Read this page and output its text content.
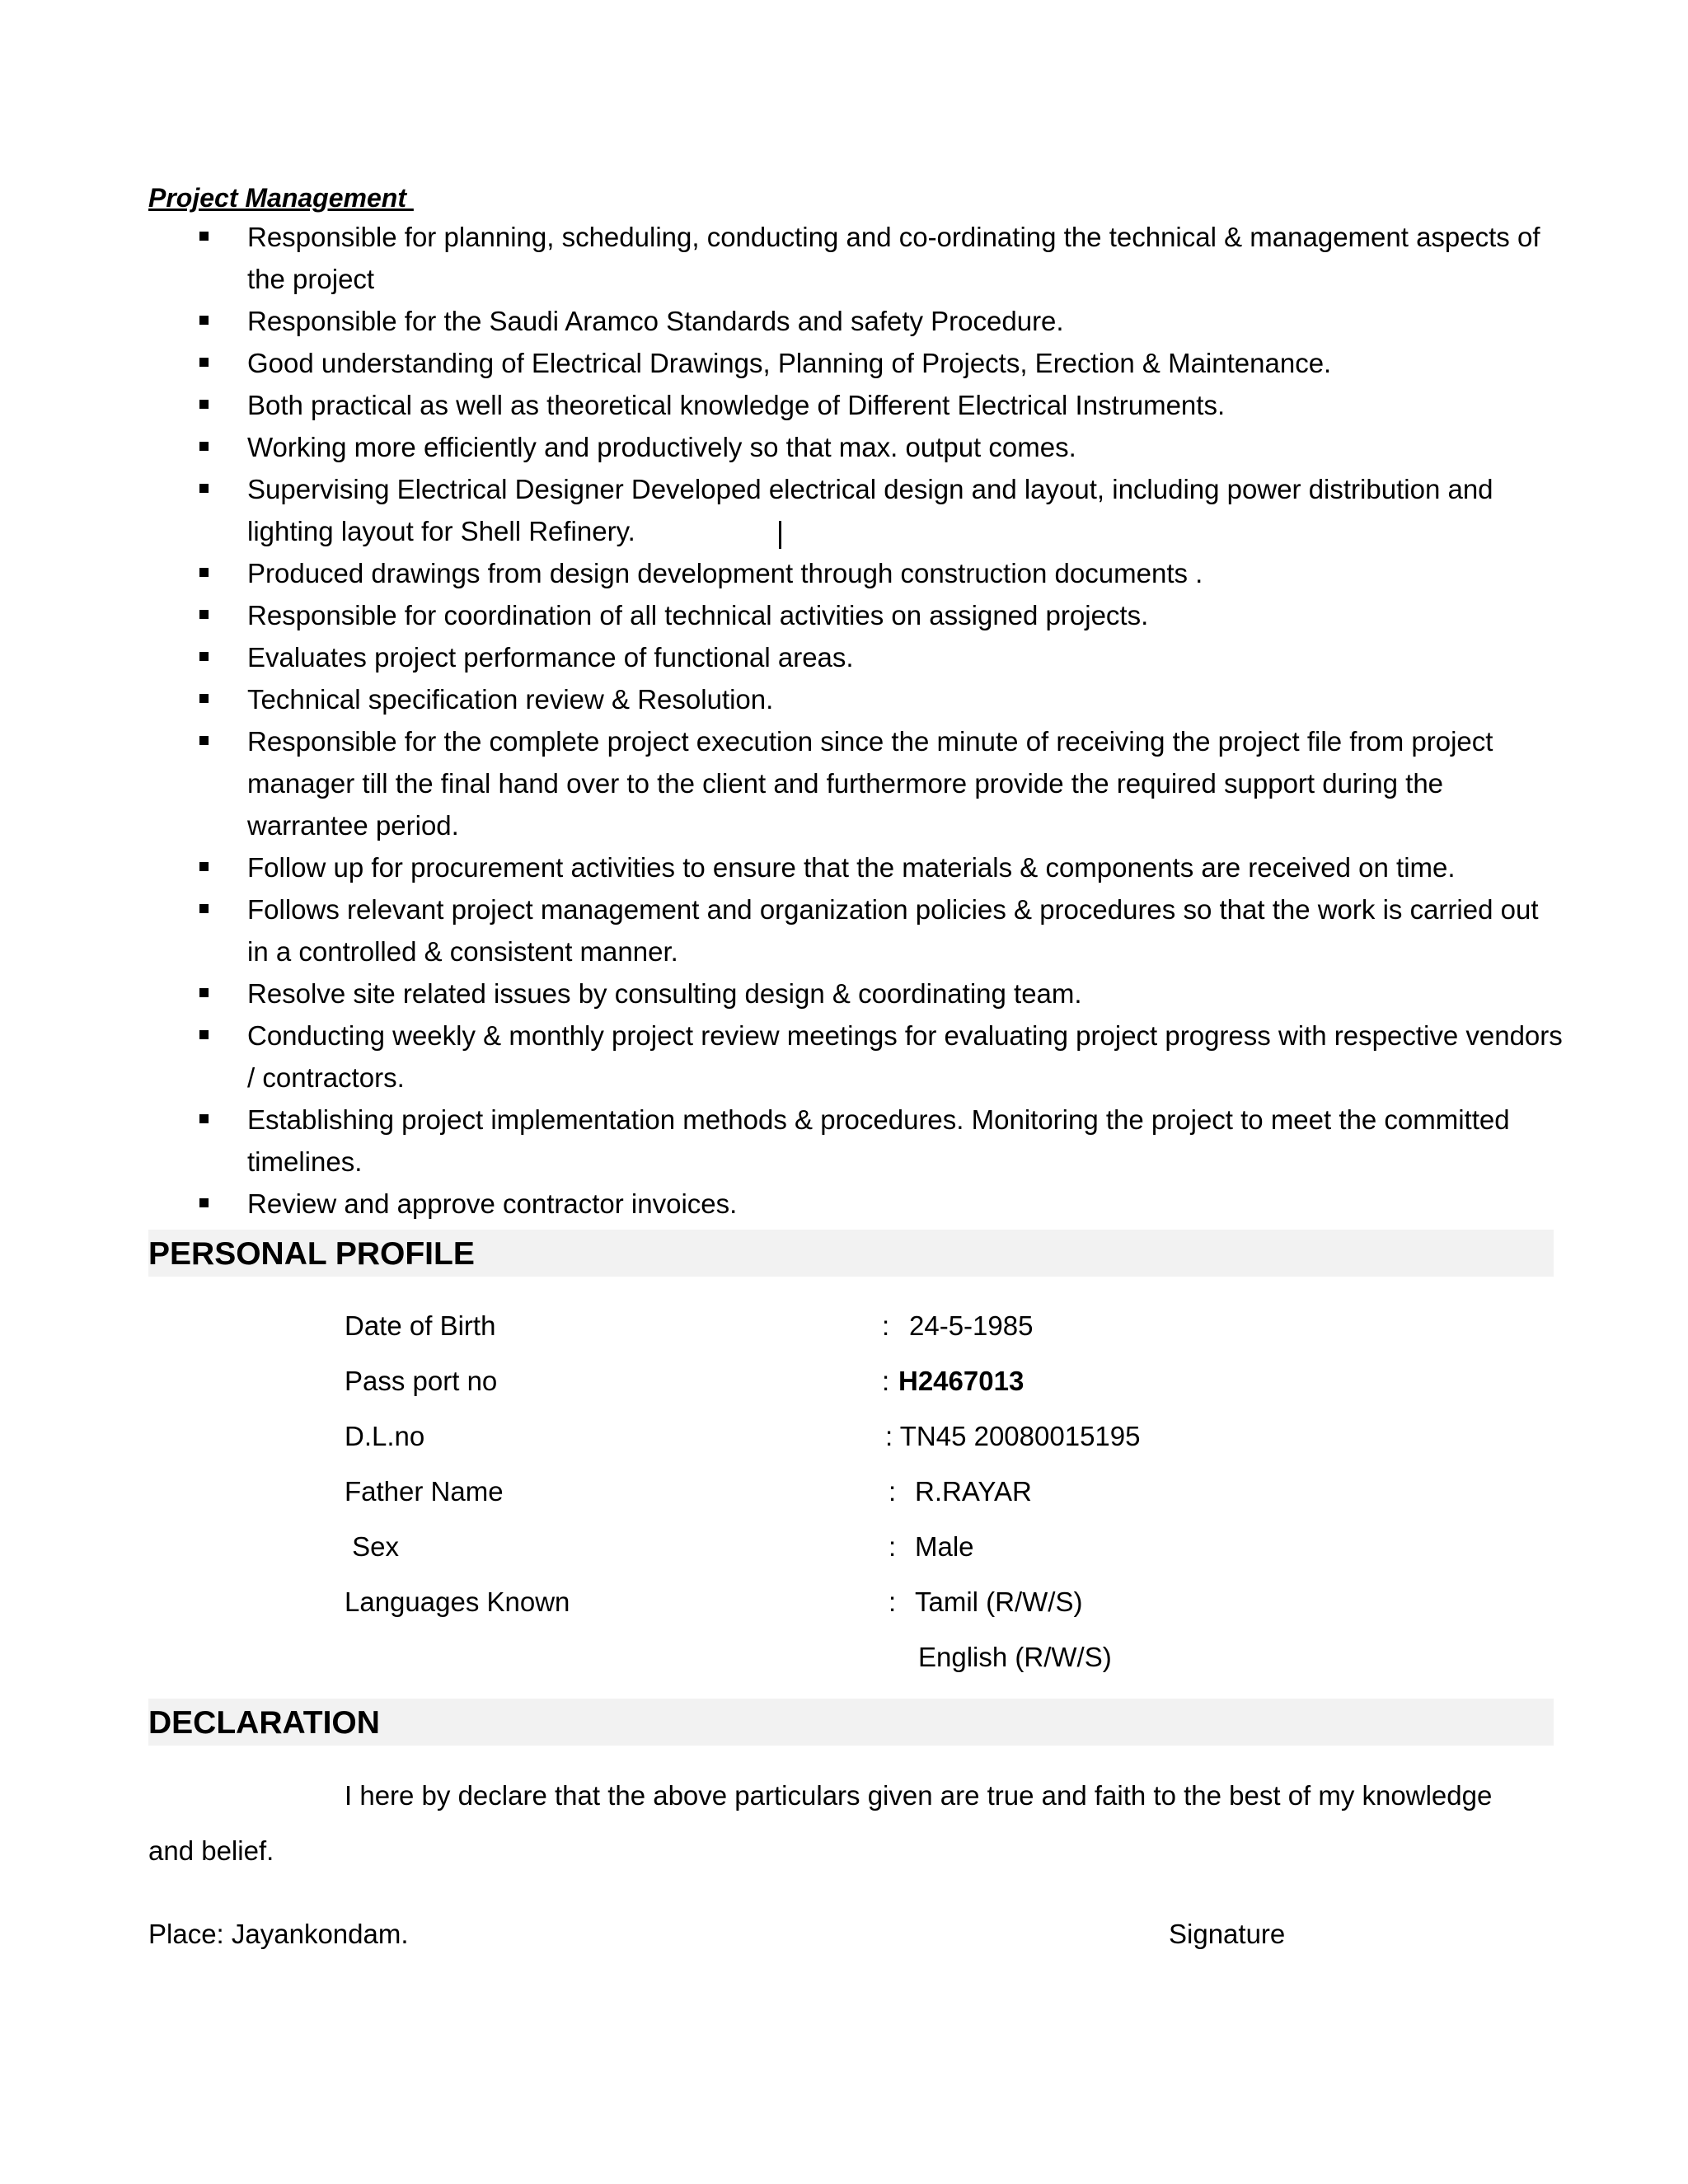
Project Management
Responsible for planning, scheduling, conducting and co-ordinating the technical & management aspects of the project
Responsible for the Saudi Aramco Standards and safety Procedure.
Good understanding of Electrical Drawings, Planning of Projects, Erection & Maintenance.
Both practical as well as theoretical knowledge of Different Electrical Instruments.
Working more efficiently and productively so that max. output comes.
Supervising Electrical Designer Developed electrical design and layout, including power distribution and lighting layout for Shell Refinery.
Produced drawings from design development through construction documents .
Responsible for coordination of all technical activities on assigned projects.
Evaluates project performance of functional areas.
Technical specification review & Resolution.
Responsible for the complete project execution since the minute of receiving the project file from project manager till the final hand over to the client and furthermore provide the required support during the warrantee period.
Follow up for procurement activities to ensure that the materials & components are received on time.
Follows relevant project management and organization policies & procedures so that the work is carried out in a controlled & consistent manner.
Resolve site related issues by consulting design & coordinating team.
Conducting weekly & monthly project review meetings for evaluating project progress with respective vendors / contractors.
Establishing project implementation methods & procedures. Monitoring the project to meet the committed timelines.
Review and approve contractor invoices.
PERSONAL PROFILE
Date of Birth	: 24-5-1985
Pass port no	: H2467013
D.L.no	: TN45 20080015195
Father Name	: R.RAYAR
Sex	: Male
Languages Known	: Tamil (R/W/S)
English (R/W/S)
DECLARATION
I here by declare that the above particulars given are true and faith to the best of my knowledge
and belief.
Place: Jayankondam.	Signature
